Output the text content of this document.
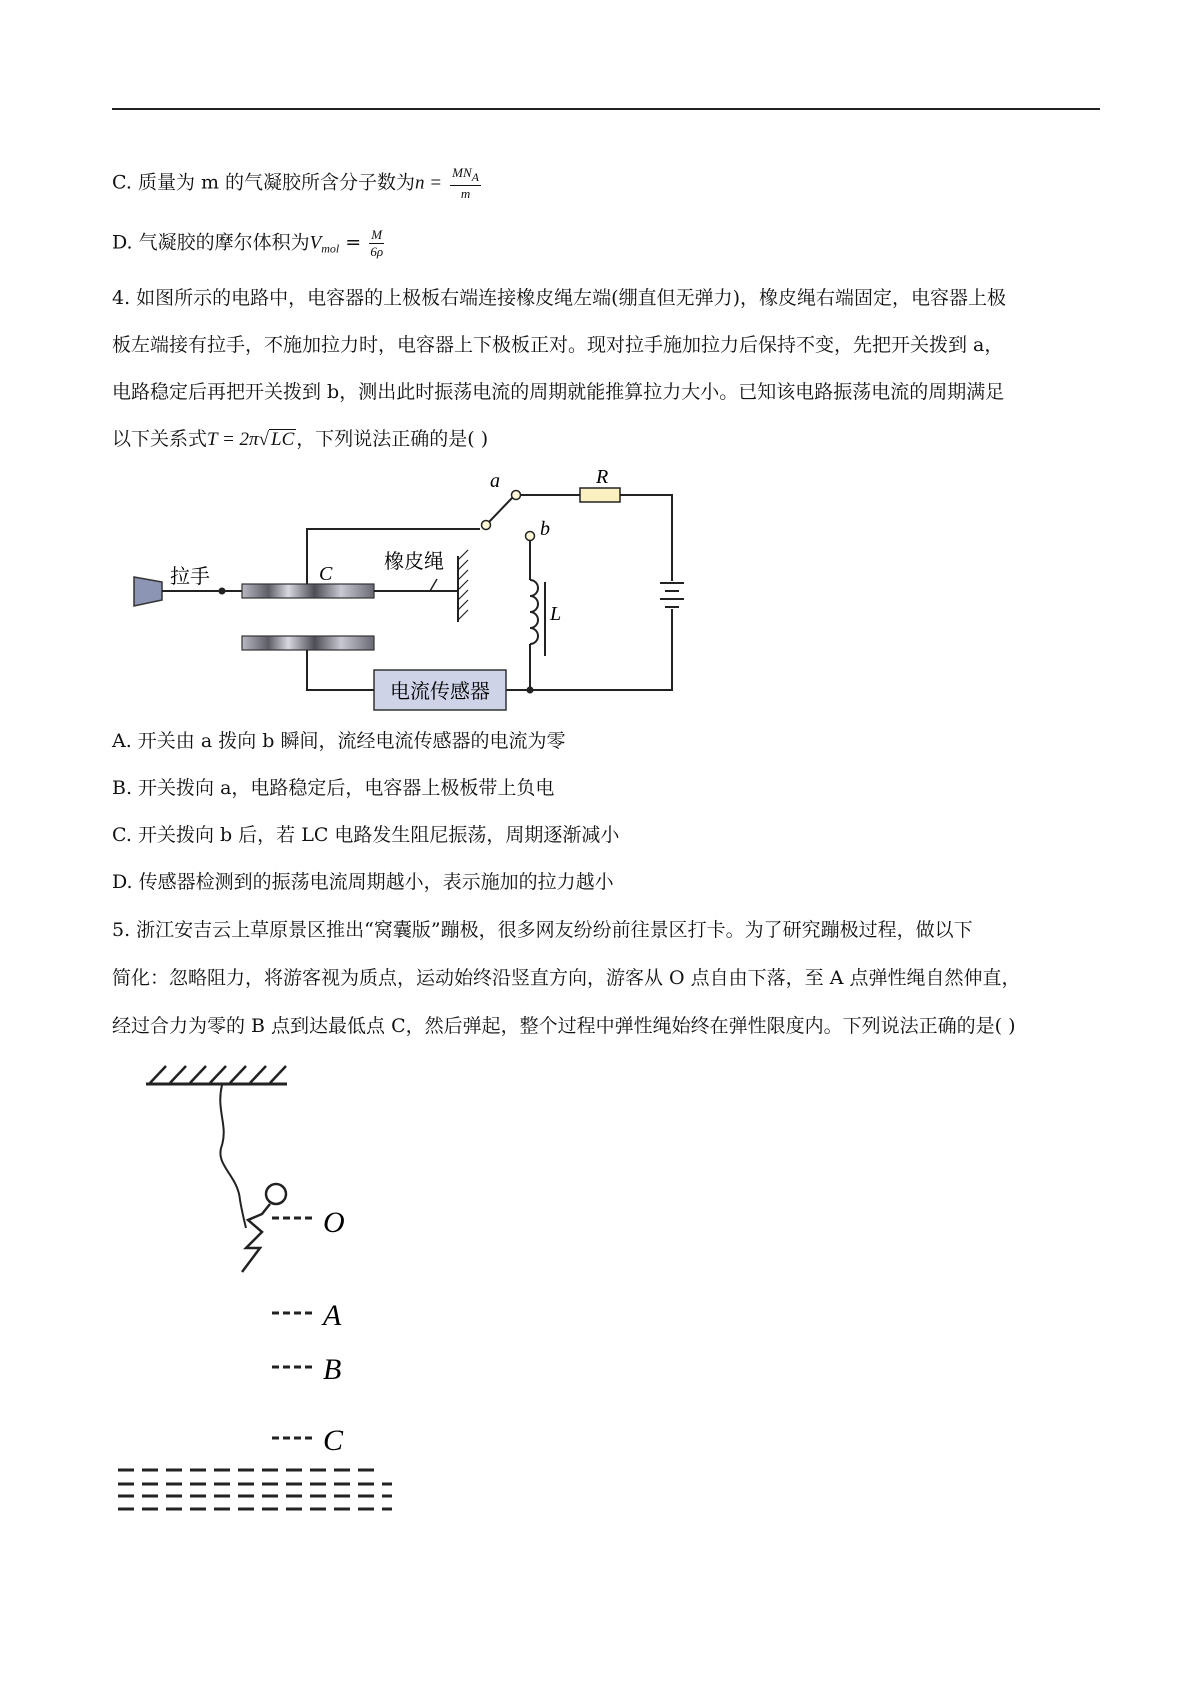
C. 质量为 m 的气凝胶所含分子数为$n = \frac{\text{MNA}}{m}$
D. 气凝胶的摩尔体积为$V_{mol} = \frac{M}{6\rho}$
4. 如图所示的电路中，电容器的上极板右端连接橡皮绳左端(绷直但无弹力)，橡皮绳右端固定，电容器上极
板左端接有拉手，不施加拉力时，电容器上下极板正对。现对拉手施加拉力后保持不变，先把开关拨到 a，
电路稳定后再把开关拨到 b，测出此时振荡电流的周期就能推算拉力大小。已知该电路振荡电流的周期满足
以下关系式T = 2π√ LC ，下列说法正确的是( )
拉手	C
橡皮绳
a
b
R
L
电流传感器
A. 开关由 a 拨向 b 瞬间，流经电流传感器的电流为零
B. 开关拨向 a，电路稳定后，电容器上极板带上负电
C. 开关拨向 b 后，若 LC 电路发生阻尼振荡，周期逐渐减小
D. 传感器检测到的振荡电流周期越小，表示施加的拉力越小
5. 浙江安吉云上草原景区推出“窝囊版”蹦极，很多网友纷纷前往景区打卡。为了研究蹦极过程，做以下
简化：忽略阻力，将游客视为质点，运动始终沿竖直方向，游客从 O 点自由下落，至 A 点弹性绳自然伸直，
经过合力为零的 B 点到达最低点 C，然后弹起，整个过程中弹性绳始终在弹性限度内。下列说法正确的是( )
O
A
B
C
